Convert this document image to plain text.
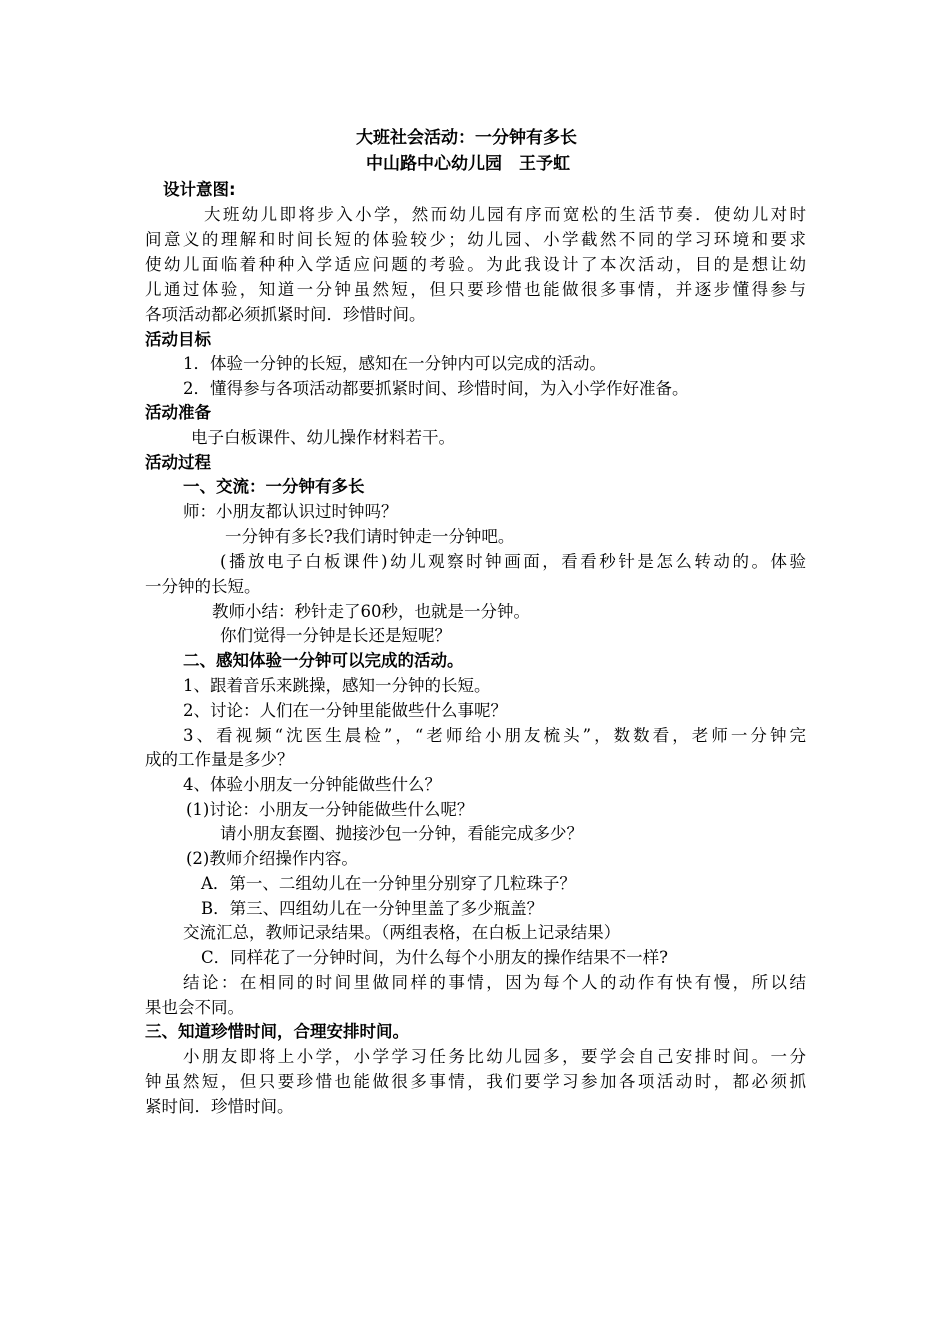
大班社会活动：一分钟有多长
中山路中心幼儿园　王予虹
设计意图:
大班幼儿即将步入小学，然而幼儿园有序而宽松的生活节奏．使幼儿对时
间意义的理解和时间长短的体验较少；幼儿园、小学截然不同的学习环境和要求
使幼儿面临着种种入学适应问题的考验。为此我设计了本次活动，目的是想让幼
儿通过体验，知道一分钟虽然短，但只要珍惜也能做很多事情，并逐步懂得参与
各项活动都必须抓紧时间．珍惜时间。
活动目标
1．体验一分钟的长短，感知在一分钟内可以完成的活动。
2．懂得参与各项活动都要抓紧时间、珍惜时间，为入小学作好准备。
活动准备
电子白板课件、幼儿操作材料若干。
活动过程
一、交流：一分钟有多长
师：小朋友都认识过时钟吗？
一分钟有多长?我们请时钟走一分钟吧。
(播放电子白板课件)幼儿观察时钟画面，看看秒针是怎么转动的。体验
一分钟的长短。
教师小结：秒针走了60秒，也就是一分钟。
你们觉得一分钟是长还是短呢？
二、感知体验一分钟可以完成的活动。
1、跟着音乐来跳操，感知一分钟的长短。
2、讨论：人们在一分钟里能做些什么事呢？
3、看视频“沈医生晨检”，“老师给小朋友梳头”，数数看，老师一分钟完
成的工作量是多少？
4、体验小朋友一分钟能做些什么？
(1)讨论：小朋友一分钟能做些什么呢？
请小朋友套圈、抛接沙包一分钟，看能完成多少？
(2)教师介绍操作内容。
A．第一、二组幼儿在一分钟里分别穿了几粒珠子？
B．第三、四组幼儿在一分钟里盖了多少瓶盖？
交流汇总，教师记录结果。（两组表格，在白板上记录结果）
C．同样花了一分钟时间，为什么每个小朋友的操作结果不一样?
结论：在相同的时间里做同样的事情，因为每个人的动作有快有慢，所以结
果也会不同。
三、知道珍惜时间，合理安排时间。
小朋友即将上小学，小学学习任务比幼儿园多，要学会自己安排时间。一分
钟虽然短，但只要珍惜也能做很多事情，我们要学习参加各项活动时，都必须抓
紧时间．珍惜时间。
